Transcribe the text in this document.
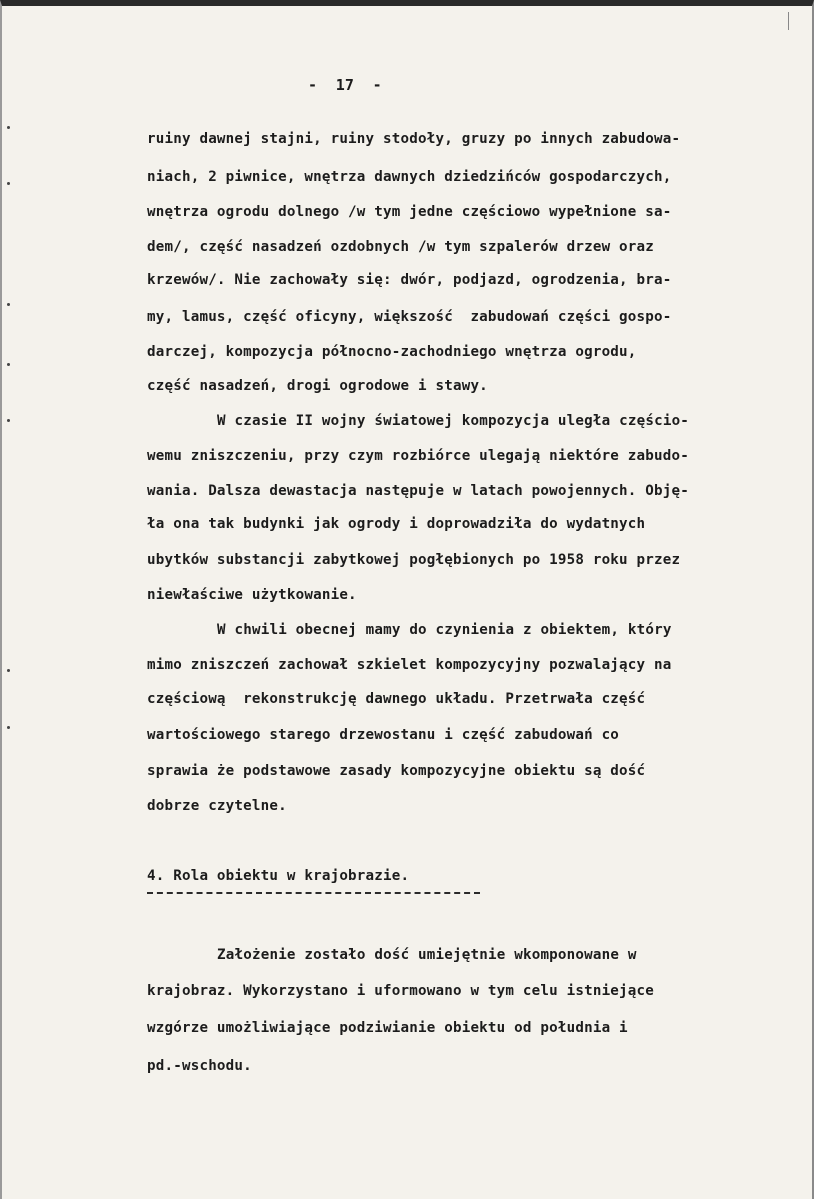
-  17  -
ruiny dawnej stajni, ruiny stodoły, gruzy po innych zabudowa-
niach, 2 piwnice, wnętrza dawnych dziedzińców gospodarczych,
wnętrza ogrodu dolnego /w tym jedne częściowo wypełnione sa-
dem/, część nasadzeń ozdobnych /w tym szpalerów drzew oraz
krzewów/. Nie zachowały się: dwór, podjazd, ogrodzenia, bra-
my, lamus, część oficyny, większość  zabudowań części gospo-
darczej, kompozycja północno-zachodniego wnętrza ogrodu,
część nasadzeń, drogi ogrodowe i stawy.
W czasie II wojny światowej kompozycja uległa częścio-
wemu zniszczeniu, przy czym rozbiórce ulegają niektóre zabudo-
wania. Dalsza dewastacja następuje w latach powojennych. Obję-
ła ona tak budynki jak ogrody i doprowadziła do wydatnych
ubytków substancji zabytkowej pogłębionych po 1958 roku przez
niewłaściwe użytkowanie.
W chwili obecnej mamy do czynienia z obiektem, który
mimo zniszczeń zachował szkielet kompozycyjny pozwalający na
częściową  rekonstrukcję dawnego układu. Przetrwała część
wartościowego starego drzewostanu i część zabudowań co
sprawia że podstawowe zasady kompozycyjne obiektu są dość
dobrze czytelne.
4. Rola obiektu w krajobrazie.
Założenie zostało dość umiejętnie wkomponowane w
krajobraz. Wykorzystano i uformowano w tym celu istniejące
wzgórze umożliwiające podziwianie obiektu od południa i
pd.-wschodu.
